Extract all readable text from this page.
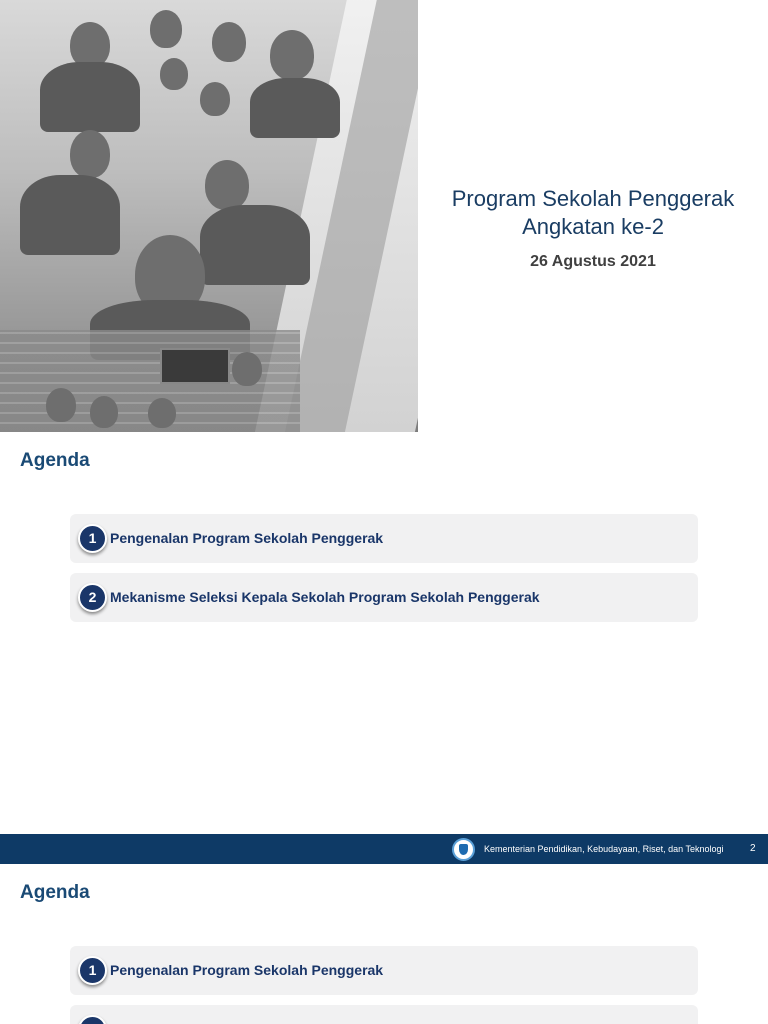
Program Sekolah Penggerak
Angkatan ke-2
26 Agustus 2021
Agenda
1 Pengenalan Program Sekolah Penggerak
2 Mekanisme Seleksi Kepala Sekolah Program Sekolah Penggerak
Kementerian Pendidikan, Kebudayaan, Riset, dan Teknologi	2
Agenda
1 Pengenalan Program Sekolah Penggerak
